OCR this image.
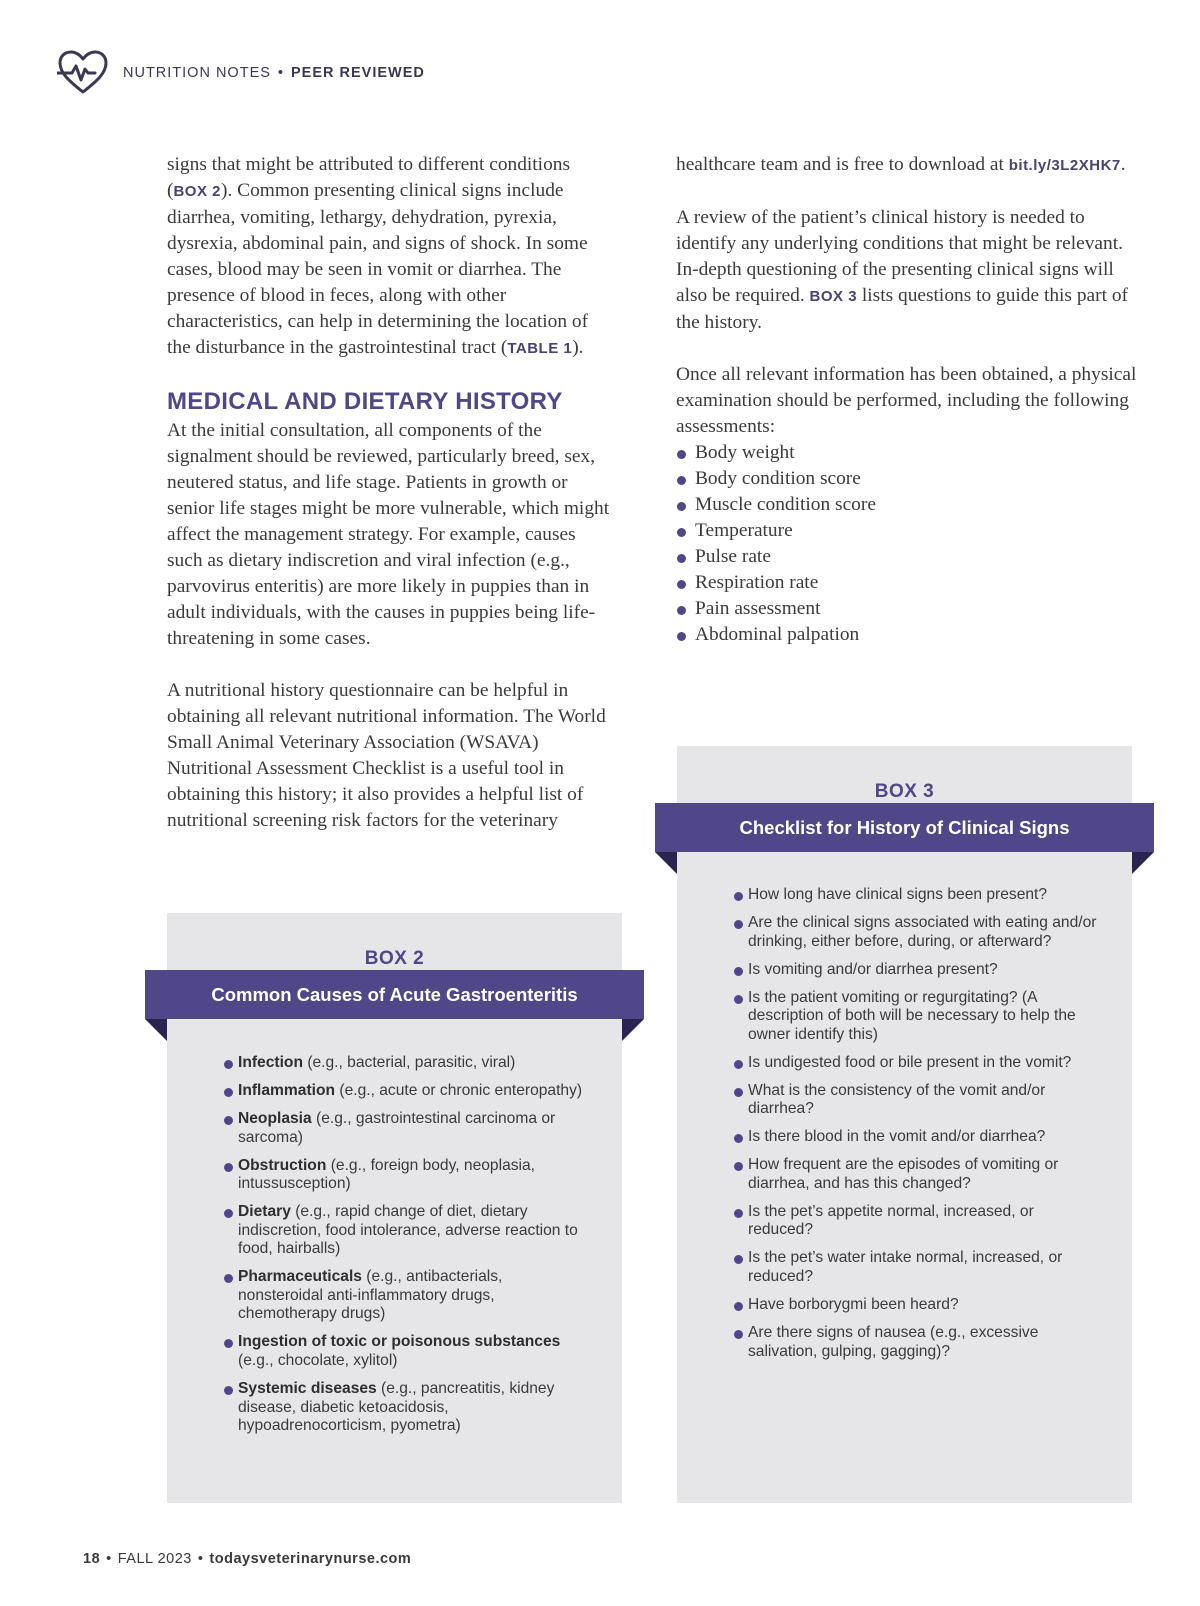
NUTRITION NOTES • PEER REVIEWED

signs that might be attributed to different conditions (BOX 2). Common presenting clinical signs include diarrhea, vomiting, lethargy, dehydration, pyrexia, dysrexia, abdominal pain, and signs of shock. In some cases, blood may be seen in vomit or diarrhea. The presence of blood in feces, along with other characteristics, can help in determining the location of the disturbance in the gastrointestinal tract (TABLE 1).

MEDICAL AND DIETARY HISTORY

At the initial consultation, all components of the signalment should be reviewed, particularly breed, sex, neutered status, and life stage. Patients in growth or senior life stages might be more vulnerable, which might affect the management strategy. For example, causes such as dietary indiscretion and viral infection (e.g., parvovirus enteritis) are more likely in puppies than in adult individuals, with the causes in puppies being life-threatening in some cases.

A nutritional history questionnaire can be helpful in obtaining all relevant nutritional information. The World Small Animal Veterinary Association (WSAVA) Nutritional Assessment Checklist is a useful tool in obtaining this history; it also provides a helpful list of nutritional screening risk factors for the veterinary

healthcare team and is free to download at bit.ly/3L2XHK7.

A review of the patient’s clinical history is needed to identify any underlying conditions that might be relevant. In-depth questioning of the presenting clinical signs will also be required. BOX 3 lists questions to guide this part of the history.

Once all relevant information has been obtained, a physical examination should be performed, including the following assessments:

Body weight
Body condition score
Muscle condition score
Temperature
Pulse rate
Respiration rate
Pain assessment
Abdominal palpation
BOX 2
Common Causes of Acute Gastroenteritis
Infection (e.g., bacterial, parasitic, viral)
Inflammation (e.g., acute or chronic enteropathy)
Neoplasia (e.g., gastrointestinal carcinoma or sarcoma)
Obstruction (e.g., foreign body, neoplasia, intussusception)
Dietary (e.g., rapid change of diet, dietary indiscretion, food intolerance, adverse reaction to food, hairballs)
Pharmaceuticals (e.g., antibacterials, nonsteroidal anti-inflammatory drugs, chemotherapy drugs)
Ingestion of toxic or poisonous substances (e.g., chocolate, xylitol)
Systemic diseases (e.g., pancreatitis, kidney disease, diabetic ketoacidosis, hypoadrenocorticism, pyometra)
BOX 3
Checklist for History of Clinical Signs
How long have clinical signs been present?
Are the clinical signs associated with eating and/or drinking, either before, during, or afterward?
Is vomiting and/or diarrhea present?
Is the patient vomiting or regurgitating? (A description of both will be necessary to help the owner identify this)
Is undigested food or bile present in the vomit?
What is the consistency of the vomit and/or diarrhea?
Is there blood in the vomit and/or diarrhea?
How frequent are the episodes of vomiting or diarrhea, and has this changed?
Is the pet’s appetite normal, increased, or reduced?
Is the pet’s water intake normal, increased, or reduced?
Have borborygmi been heard?
Are there signs of nausea (e.g., excessive salivation, gulping, gagging)?
18 • FALL 2023 • todaysveterinarynurse.com
